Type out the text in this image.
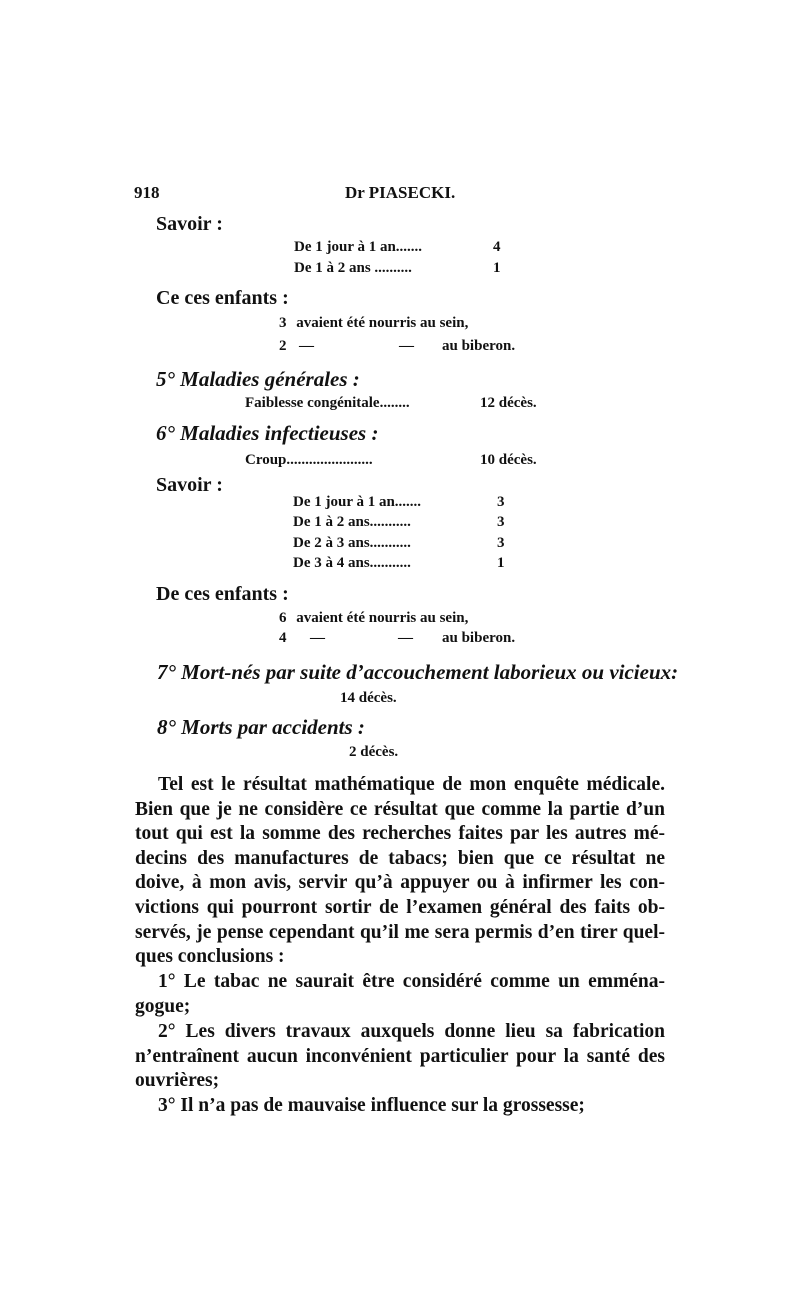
918	Dr PIASECKI.
Savoir :
De 1 jour à 1 an.......	4
De 1 à 2 ans ..........	1
Ce ces enfants :
3 avaient été nourris au sein,
2 —	— au biberon.
5° Maladies générales :
Faiblesse congénitale........	12 décès.
6° Maladies infectieuses :
Croup.......................	10 décès.
Savoir :
De 1 jour à 1 an.......	3
De 1 à 2 ans...........	3
De 2 à 3 ans...........	3
De 3 à 4 ans...........	1
De ces enfants :
6 avaient été nourris au sein,
4 —	— au biberon.
7° Mort-nés par suite d’accouchement laborieux ou vicieux:
14 décès.
8° Morts par accidents :
2 décès.
Tel est le résultat mathématique de mon enquête médicale.
Bien que je ne considère ce résultat que comme la partie d’un
tout qui est la somme des recherches faites par les autres mé-
decins des manufactures de tabacs; bien que ce résultat ne
doive, à mon avis, servir qu’à appuyer ou à infirmer les con-
victions qui pourront sortir de l’examen général des faits ob-
servés, je pense cependant qu’il me sera permis d’en tirer quel-
ques conclusions :
1° Le tabac ne saurait être considéré comme un emména-
gogue;
2° Les divers travaux auxquels donne lieu sa fabrication
n’entraînent aucun inconvénient particulier pour la santé des
ouvrières;
3° Il n’a pas de mauvaise influence sur la grossesse;
